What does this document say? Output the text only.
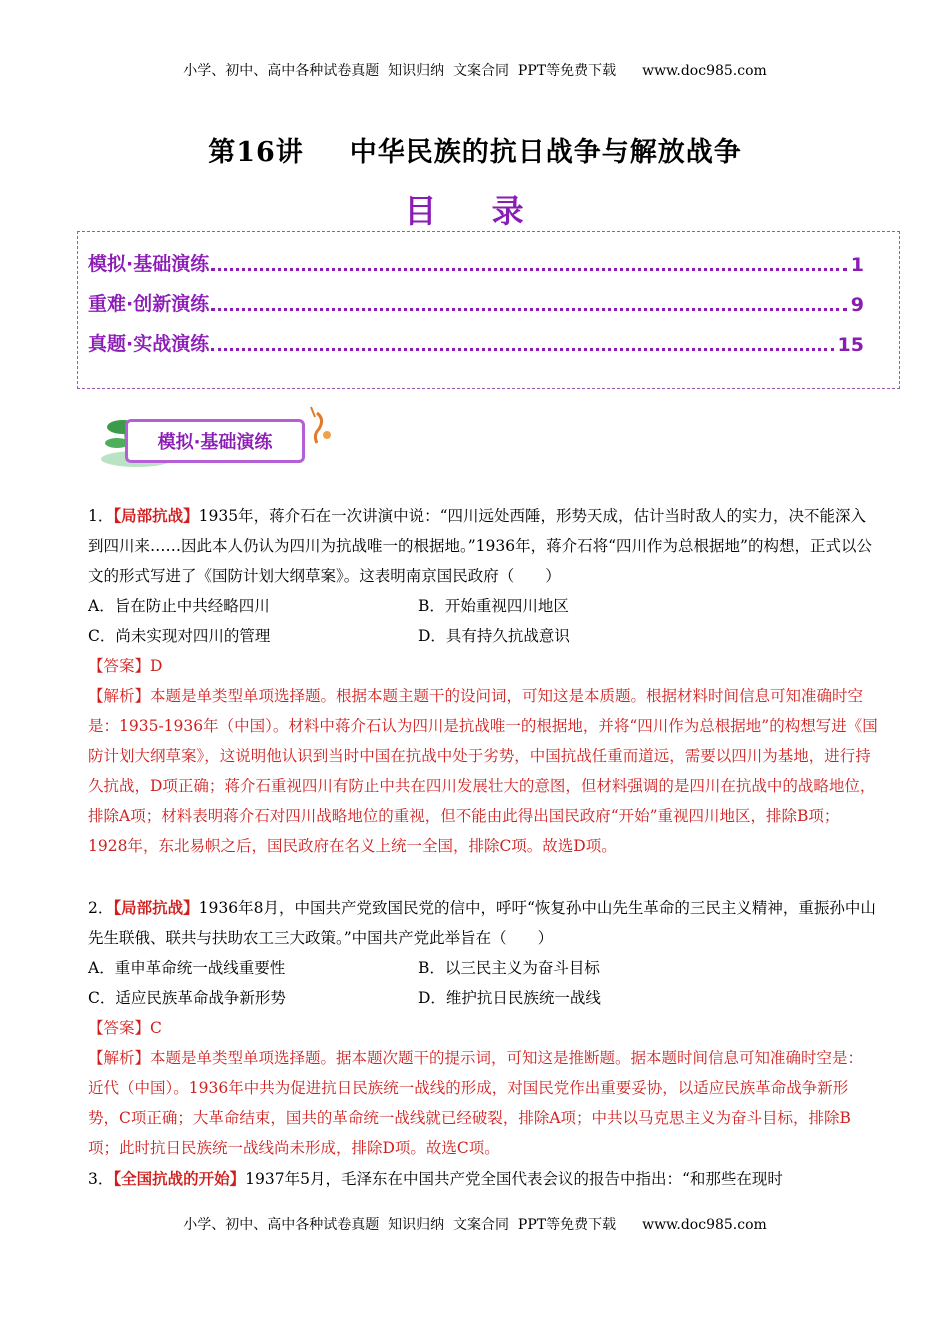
小学、初中、高中各种试卷真题  知识归纳  文案合同  PPT等免费下载 www.doc985.com
第16讲 中华民族的抗日战争与解放战争
目 录
模拟·基础演练	1
重难·创新演练	9
真题·实战演练	15
模拟·基础演练

1．【局部抗战】1935年，蒋介石在一次讲演中说：“四川远处西陲，形势天成，估计当时敌人的实力，决不能深入到四川来……因此本人仍认为四川为抗战唯一的根据地。”1936年，蒋介石将“四川作为总根据地”的构想，正式以公文的形式写进了《国防计划大纲草案》。这表明南京国民政府（　　）

A．旨在防止中共经略四川	B．开始重视四川地区
C．尚未实现对四川的管理	D．具有持久抗战意识

【答案】D

【解析】本题是单类型单项选择题。根据本题主题干的设问词，可知这是本质题。根据材料时间信息可知准确时空是：1935-1936年（中国）。材料中蒋介石认为四川是抗战唯一的根据地，并将“四川作为总根据地”的构想写进《国防计划大纲草案》，这说明他认识到当时中国在抗战中处于劣势，中国抗战任重而道远，需要以四川为基地，进行持久抗战，D项正确；蒋介石重视四川有防止中共在四川发展壮大的意图，但材料强调的是四川在抗战中的战略地位，排除A项；材料表明蒋介石对四川战略地位的重视，但不能由此得出国民政府“开始”重视四川地区，排除B项；1928年，东北易帜之后，国民政府在名义上统一全国，排除C项。故选D项。

2．【局部抗战】1936年8月，中国共产党致国民党的信中，呼吁“恢复孙中山先生革命的三民主义精神，重振孙中山先生联俄、联共与扶助农工三大政策。”中国共产党此举旨在（　　）

A．重申革命统一战线重要性	B．以三民主义为奋斗目标
C．适应民族革命战争新形势	D．维护抗日民族统一战线

【答案】C

【解析】本题是单类型单项选择题。据本题次题干的提示词，可知这是推断题。据本题时间信息可知准确时空是：近代（中国）。1936年中共为促进抗日民族统一战线的形成，对国民党作出重要妥协，以适应民族革命战争新形势，C项正确；大革命结束，国共的革命统一战线就已经破裂，排除A项；中共以马克思主义为奋斗目标，排除B项；此时抗日民族统一战线尚未形成，排除D项。故选C项。

3．【全国抗战的开始】1937年5月，毛泽东在中国共产党全国代表会议的报告中指出：“和那些在现时

小学、初中、高中各种试卷真题  知识归纳  文案合同  PPT等免费下载 www.doc985.com
